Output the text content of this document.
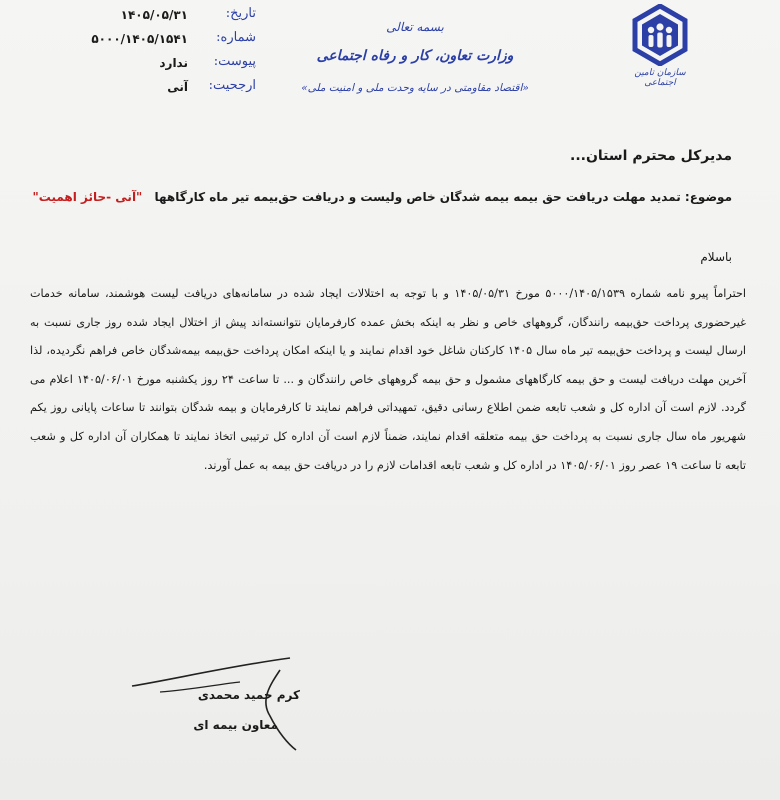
تاریخ:
۱۴۰۵/۰۵/۳۱
شماره:
۵۰۰۰/۱۴۰۵/۱۵۴۱
پیوست:
ندارد
ارجحیت:
آنی
بسمه تعالی
وزارت تعاون، کار و رفاه اجتماعی
«اقتصاد مقاومتی در سایه وحدت ملی و امنیت ملی»
سازمان تامین اجتماعی
مدیرکل محترم استان...
موضوع: تمدید مهلت دریافت حق بیمه بیمه شدگان خاص ولیست و دریافت حق‌بیمه تیر ماه کارگاهها "آنی -حائز اهمیت"
باسلام
احتراماً پیرو نامه شماره ۵۰۰۰/۱۴۰۵/۱۵۳۹ مورخ ۱۴۰۵/۰۵/۳۱ و با توجه به اختلالات ایجاد شده در سامانه‌های دریافت لیست هوشمند، سامانه خدمات غیرحضوری پرداخت حق‌بیمه رانندگان، گروههای خاص و نظر به اینکه بخش عمده کارفرمایان نتوانسته‌اند پیش از اختلال ایجاد شده روز جاری نسبت به ارسال لیست و پرداخت حق‌بیمه تیر ماه سال ۱۴۰۵ کارکنان شاغل خود اقدام نمایند و یا اینکه امکان پرداخت حق‌بیمه بیمه‌شدگان خاص فراهم نگردیده، لذا آخرین مهلت دریافت لیست و حق بیمه کارگاههای مشمول و حق بیمه گروههای خاص رانندگان و ... تا ساعت ۲۴ روز یکشنبه مورخ ۱۴۰۵/۰۶/۰۱ اعلام می گردد. لازم است آن اداره کل و شعب تابعه ضمن اطلاع رسانی دقیق، تمهیداتی فراهم نمایند تا کارفرمایان و بیمه شدگان بتوانند تا ساعات پایانی روز یکم شهریور ماه سال جاری نسبت به پرداخت حق بیمه متعلقه اقدام نمایند، ضمناً لازم است آن اداره کل ترتیبی اتخاذ نمایند تا همکاران آن اداره کل و شعب تابعه تا ساعت ۱۹ عصر روز ۱۴۰۵/۰۶/۰۱ در اداره کل و شعب تابعه اقدامات لازم را در دریافت حق بیمه به عمل آورند.
کرم حمید محمدی
معاون بیمه ای
